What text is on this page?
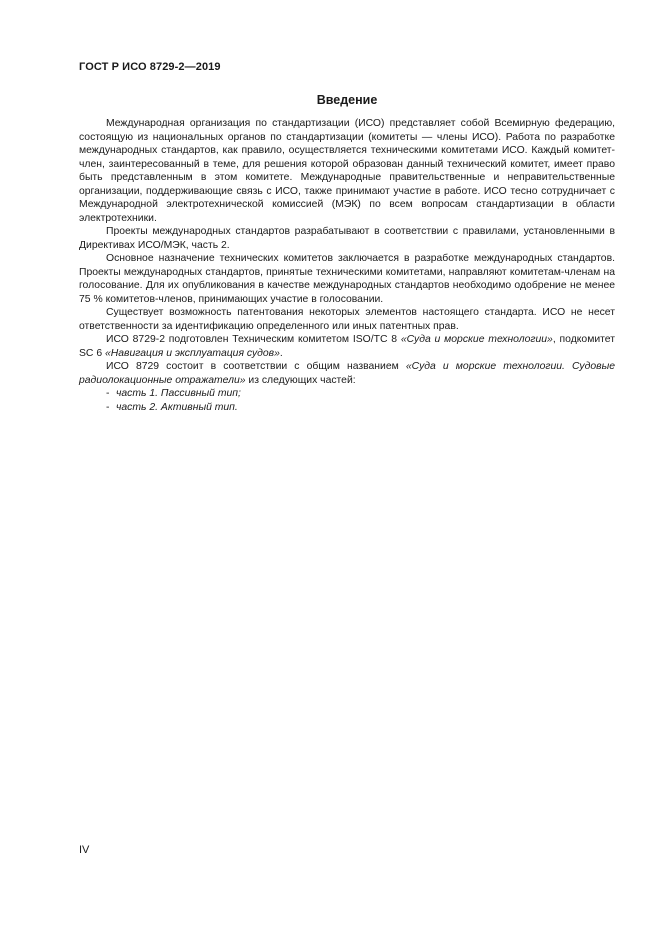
ГОСТ Р ИСО 8729-2—2019
Введение

Международная организация по стандартизации (ИСО) представляет собой Всемирную федерацию, состоящую из национальных органов по стандартизации (комитеты — члены ИСО). Работа по разработке международных стандартов, как правило, осуществляется техническими комитетами ИСО. Каждый комитет-член, заинтересованный в теме, для решения которой образован данный технический комитет, имеет право быть представленным в этом комитете. Международные правительственные и неправительственные организации, поддерживающие связь с ИСО, также принимают участие в работе. ИСО тесно сотрудничает с Международной электротехнической комиссией (МЭК) по всем вопросам стандартизации в области электротехники.

Проекты международных стандартов разрабатывают в соответствии с правилами, установленными в Директивах ИСО/МЭК, часть 2.

Основное назначение технических комитетов заключается в разработке международных стандартов. Проекты международных стандартов, принятые техническими комитетами, направляют комитетам-членам на голосование. Для их опубликования в качестве международных стандартов необходимо одобрение не менее 75 % комитетов-членов, принимающих участие в голосовании.

Существует возможность патентования некоторых элементов настоящего стандарта. ИСО не несет ответственности за идентификацию определенного или иных патентных прав.

ИСО 8729-2 подготовлен Техническим комитетом ISO/TC 8 «Суда и морские технологии», подкомитет SC 6 «Навигация и эксплуатация судов».

ИСО 8729 состоит в соответствии с общим названием «Суда и морские технологии. Судовые радиолокационные отражатели» из следующих частей:

- часть 1. Пассивный тип;

- часть 2. Активный тип.

IV
